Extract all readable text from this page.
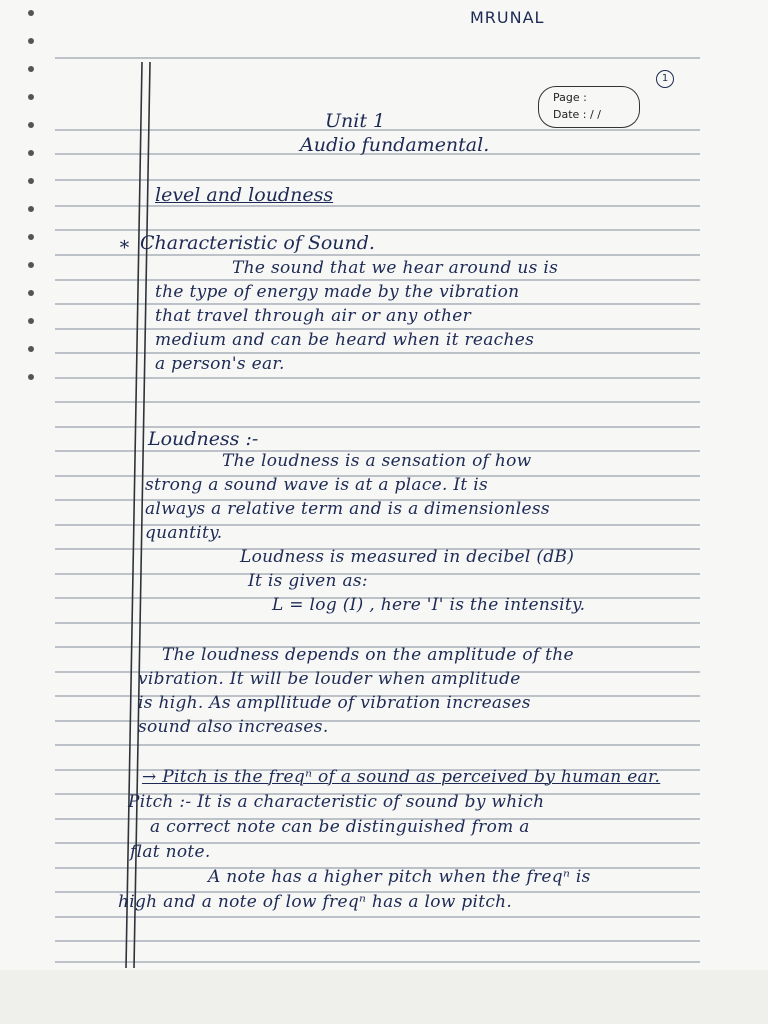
MRUNAL
1
Page :
Date : / /
Unit 1
Audio fundamental.
level and loudness
∗ Characteristic of Sound.
The sound that we hear around us is
the type of energy made by the vibration
that travel through air or any other
medium and can be heard when it reaches
a person's ear.
Loudness :-
The loudness is a sensation of how
strong a sound wave is at a place. It is
always a relative term and is a dimensionless
quantity.
Loudness is measured in decibel (dB)
It is given as:
L = log (I) , here 'I' is the intensity.
The loudness depends on the amplitude of the
vibration. It will be louder when amplitude
is high. As ampllitude of vibration increases
sound also increases.
→ Pitch is the freqⁿ of a sound as perceived by human ear.
Pitch :- It is a characteristic of sound by which
a correct note can be distinguished from a
flat note.
A note has a higher pitch when the freqⁿ is
high and a note of low freqⁿ has a low pitch.
